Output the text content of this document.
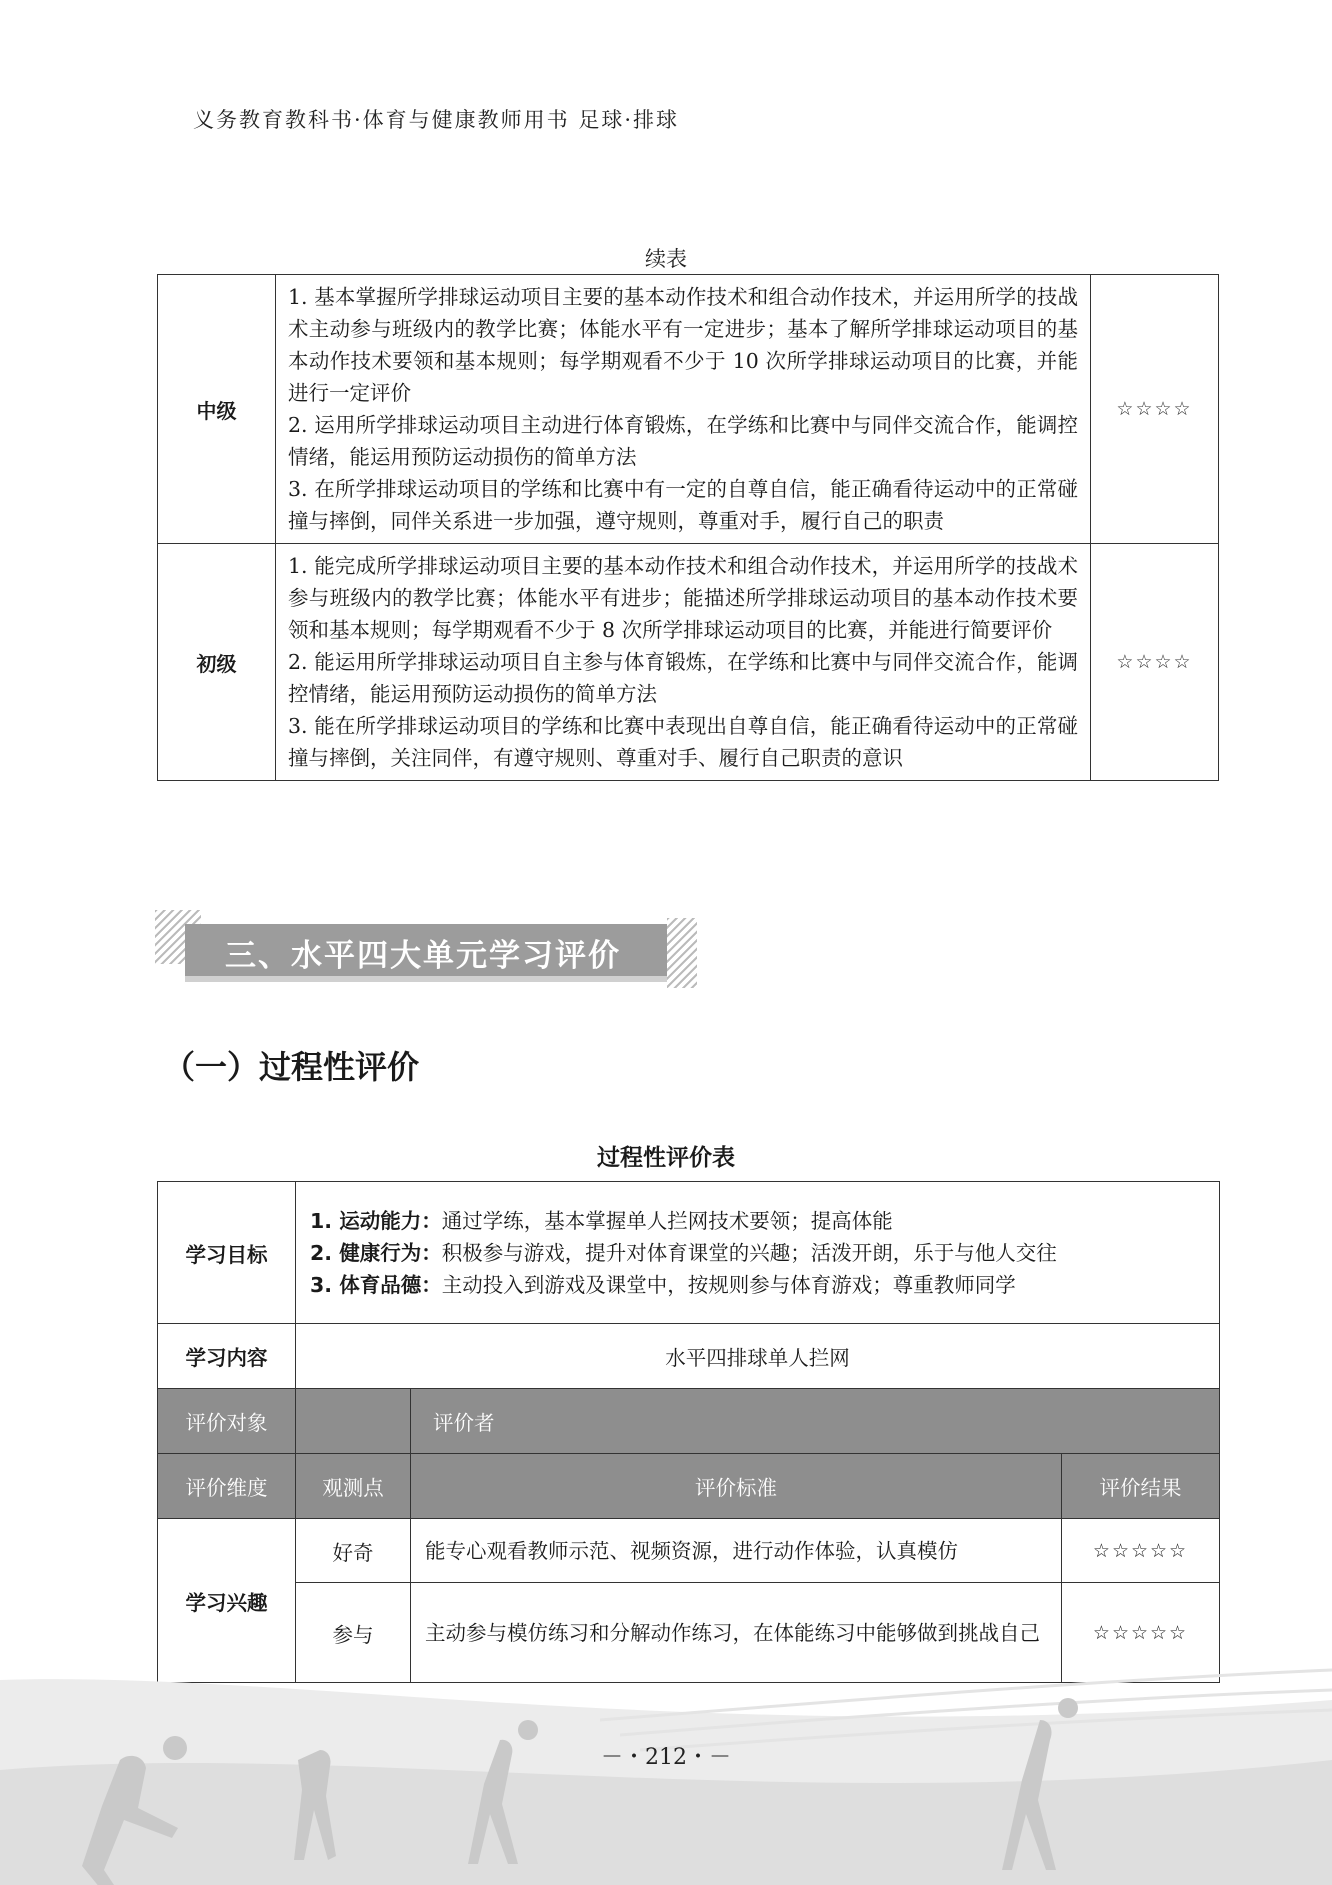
义务教育教科书·体育与健康教师用书 足球·排球
续表
中级	1. 基本掌握所学排球运动项目主要的基本动作技术和组合动作技术，并运用所学的技战术主动参与班级内的教学比赛；体能水平有一定进步；基本了解所学排球运动项目的基本动作技术要领和基本规则；每学期观看不少于 10 次所学排球运动项目的比赛，并能进行一定评价

2. 运用所学排球运动项目主动进行体育锻炼，在学练和比赛中与同伴交流合作，能调控情绪，能运用预防运动损伤的简单方法

3. 在所学排球运动项目的学练和比赛中有一定的自尊自信，能正确看待运动中的正常碰撞与摔倒，同伴关系进一步加强，遵守规则，尊重对手，履行自己的职责	☆☆☆☆
初级	1. 能完成所学排球运动项目主要的基本动作技术和组合动作技术，并运用所学的技战术参与班级内的教学比赛；体能水平有进步；能描述所学排球运动项目的基本动作技术要领和基本规则；每学期观看不少于 8 次所学排球运动项目的比赛，并能进行简要评价

2. 能运用所学排球运动项目自主参与体育锻炼，在学练和比赛中与同伴交流合作，能调控情绪，能运用预防运动损伤的简单方法

3. 能在所学排球运动项目的学练和比赛中表现出自尊自信，能正确看待运动中的正常碰撞与摔倒，关注同伴，有遵守规则、尊重对手、履行自己职责的意识	☆☆☆☆
三、水平四大单元学习评价
（一）过程性评价
过程性评价表
学习目标	1. 运动能力：通过学练，基本掌握单人拦网技术要领；提高体能
2. 健康行为：积极参与游戏，提升对体育课堂的兴趣；活泼开朗，乐于与他人交往
3. 体育品德：主动投入到游戏及课堂中，按规则参与体育游戏；尊重教师同学		

学习内容	水平四排球单人拦网		
评价对象		评价者	
评价维度	观测点	评价标准	评价结果
学习兴趣	好奇	能专心观看教师示范、视频资源，进行动作体验，认真模仿	☆☆☆☆☆
	参与	主动参与模仿练习和分解动作练习，在体能练习中能够做到挑战自己	☆☆☆☆☆
－・212・－
